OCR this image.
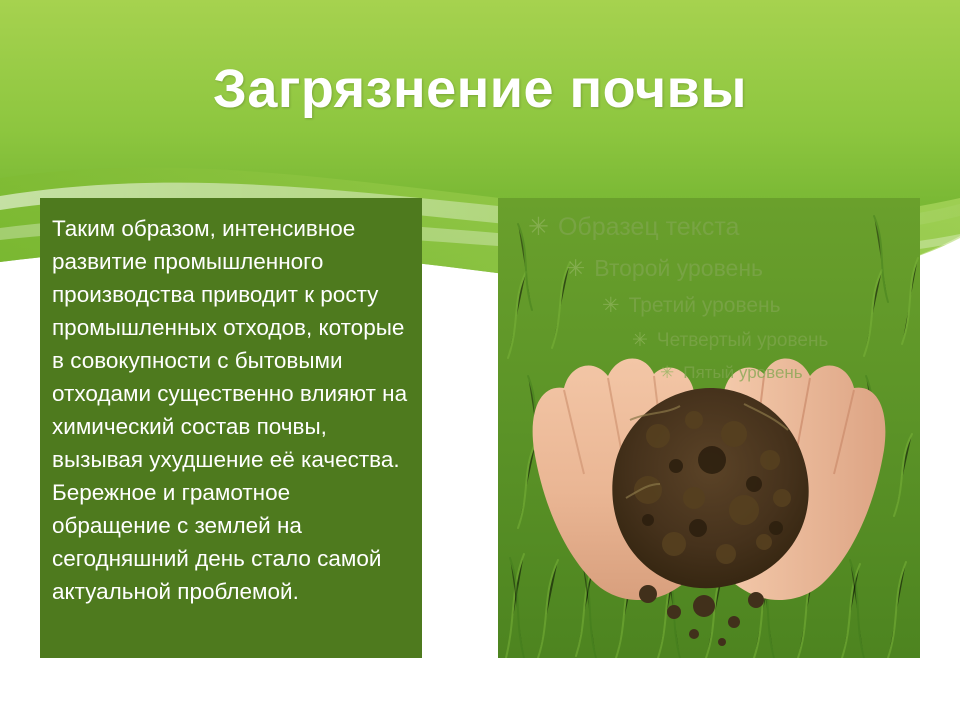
Загрязнение почвы
Таким образом, интенсивное развитие промышленного производства приводит к росту промышленных отходов, которые в совокупности с бытовыми отходами существенно влияют на химический состав почвы, вызывая ухудшение её качества. Бережное и грамотное обращение с землей на сегодняшний день стало самой актуальной проблемой.
✳ Образец текста
✳ Второй уровень
✳ Третий уровень
✳ Четвертый уровень
✳ Пятый уровень
